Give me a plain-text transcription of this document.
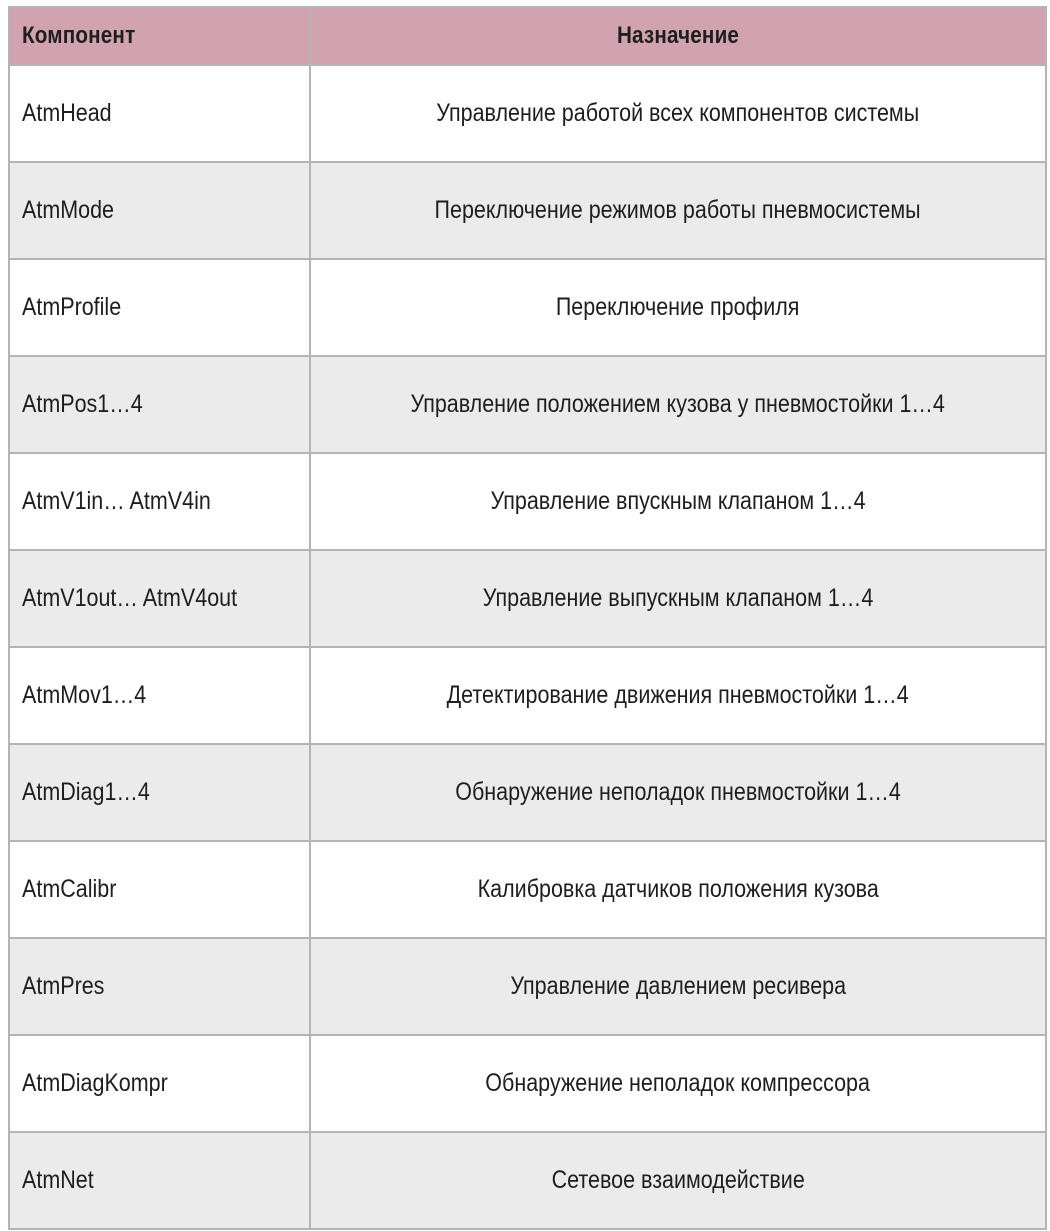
Компонент	Назначение
AtmHead	Управление работой всех компонентов системы
AtmMode	Переключение режимов работы пневмосистемы
AtmProfile	Переключение профиля
AtmPos1…4	Управление положением кузова у пневмостойки 1…4
AtmV1in… AtmV4in	Управление впускным клапаном 1…4
AtmV1out… AtmV4out	Управление выпускным клапаном 1…4
AtmMov1…4	Детектирование движения пневмостойки 1…4
AtmDiag1…4	Обнаружение неполадок пневмостойки 1…4
AtmCalibr	Калибровка датчиков положения кузова
AtmPres	Управление давлением ресивера
AtmDiagKompr	Обнаружение неполадок компрессора
AtmNet	Сетевое взаимодействие
